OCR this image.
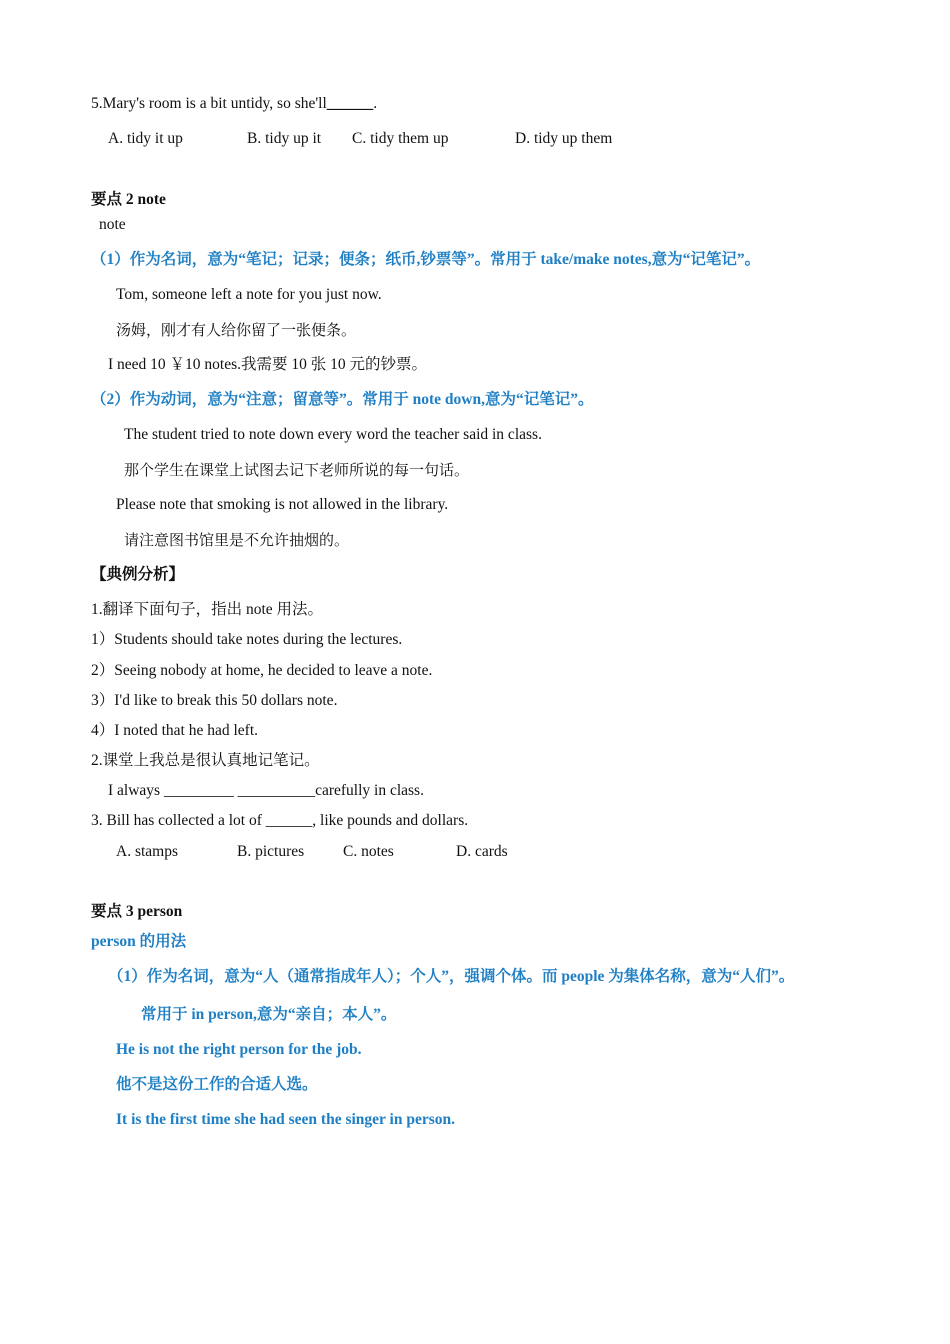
5.Mary's room is a bit untidy, so she'll______.
A. tidy it up	B. tidy up it C. tidy them up	D. tidy up them
要点 2 note
note
（1）作为名词，意为“笔记；记录；便条；纸币,钞票等”。常用于 take/make notes,意为“记笔记”。
Tom, someone left a note for you just now.
汤姆，刚才有人给你留了一张便条。
I need 10 ￥10 notes.我需要 10 张 10 元的钞票。
（2）作为动词，意为“注意；留意等”。常用于 note down,意为“记笔记”。
The student tried to note down every word the teacher said in class.
那个学生在课堂上试图去记下老师所说的每一句话。
Please note that smoking is not allowed in the library.
请注意图书馆里是不允许抽烟的。
【典例分析】
1.翻译下面句子，指出 note 用法。
1）Students should take notes during the lectures.
2）Seeing nobody at home, he decided to leave a note.
3）I'd like to break this 50 dollars note.
4）I noted that he had left.
2.课堂上我总是很认真地记笔记。
I always _________ __________carefully in class.
3. Bill has collected a lot of ______, like pounds and dollars.
A. stamps	B. pictures	C. notes	D. cards
要点 3 person
person 的用法
（1）作为名词，意为“人（通常指成年人）；个人”，强调个体。而 people 为集体名称，意为“人们”。
常用于 in person,意为“亲自；本人”。
He is not the right person for the job.
他不是这份工作的合适人选。
It is the first time she had seen the singer in person.
